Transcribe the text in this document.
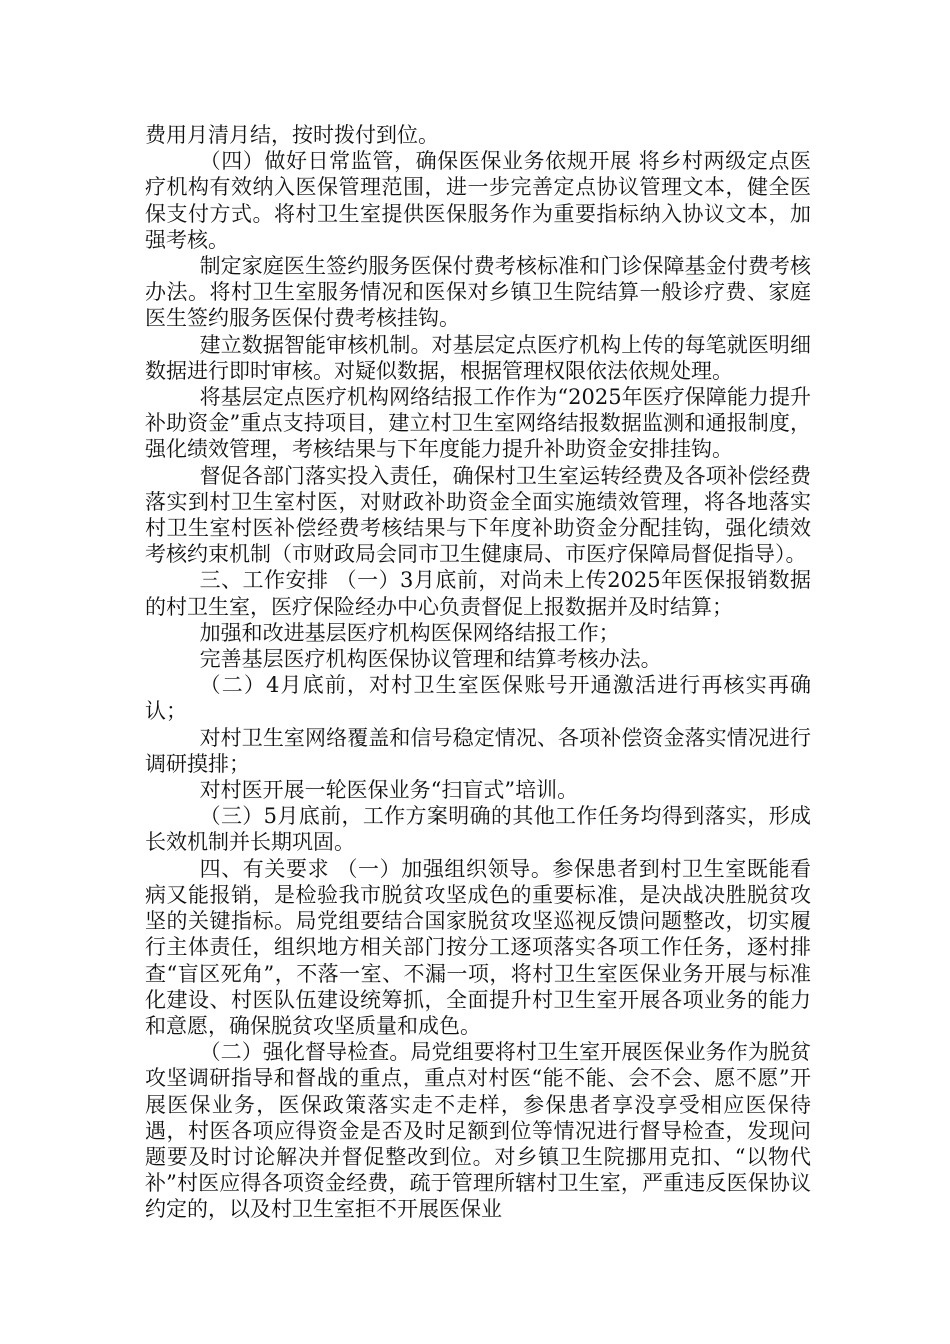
费用月清月结，按时拨付到位。

（四）做好日常监管，确保医保业务依规开展 将乡村两级定点医疗机构有效纳入医保管理范围，进一步完善定点协议管理文本，健全医保支付方式。将村卫生室提供医保服务作为重要指标纳入协议文本，加强考核。

制定家庭医生签约服务医保付费考核标准和门诊保障基金付费考核办法。将村卫生室服务情况和医保对乡镇卫生院结算一般诊疗费、家庭医生签约服务医保付费考核挂钩。

建立数据智能审核机制。对基层定点医疗机构上传的每笔就医明细数据进行即时审核。对疑似数据，根据管理权限依法依规处理。

将基层定点医疗机构网络结报工作作为“2025年医疗保障能力提升补助资金”重点支持项目，建立村卫生室网络结报数据监测和通报制度，强化绩效管理，考核结果与下年度能力提升补助资金安排挂钩。

督促各部门落实投入责任，确保村卫生室运转经费及各项补偿经费落实到村卫生室村医，对财政补助资金全面实施绩效管理，将各地落实村卫生室村医补偿经费考核结果与下年度补助资金分配挂钩，强化绩效考核约束机制（市财政局会同市卫生健康局、市医疗保障局督促指导）。

三、工作安排 （一）3月底前，对尚未上传2025年医保报销数据的村卫生室，医疗保险经办中心负责督促上报数据并及时结算；

加强和改进基层医疗机构医保网络结报工作；

完善基层医疗机构医保协议管理和结算考核办法。

（二）4月底前，对村卫生室医保账号开通激活进行再核实再确认；

对村卫生室网络覆盖和信号稳定情况、各项补偿资金落实情况进行调研摸排；

对村医开展一轮医保业务“扫盲式”培训。

（三）5月底前，工作方案明确的其他工作任务均得到落实，形成长效机制并长期巩固。

四、有关要求 （一）加强组织领导。参保患者到村卫生室既能看病又能报销，是检验我市脱贫攻坚成色的重要标准，是决战决胜脱贫攻坚的关键指标。局党组要结合国家脱贫攻坚巡视反馈问题整改，切实履行主体责任，组织地方相关部门按分工逐项落实各项工作任务，逐村排查“盲区死角”，不落一室、不漏一项，将村卫生室医保业务开展与标准化建设、村医队伍建设统筹抓，全面提升村卫生室开展各项业务的能力和意愿，确保脱贫攻坚质量和成色。

（二）强化督导检查。局党组要将村卫生室开展医保业务作为脱贫攻坚调研指导和督战的重点，重点对村医“能不能、会不会、愿不愿”开展医保业务，医保政策落实走不走样，参保患者享没享受相应医保待遇，村医各项应得资金是否及时足额到位等情况进行督导检查，发现问题要及时讨论解决并督促整改到位。对乡镇卫生院挪用克扣、“以物代补”村医应得各项资金经费，疏于管理所辖村卫生室，严重违反医保协议约定的，以及村卫生室拒不开展医保业
